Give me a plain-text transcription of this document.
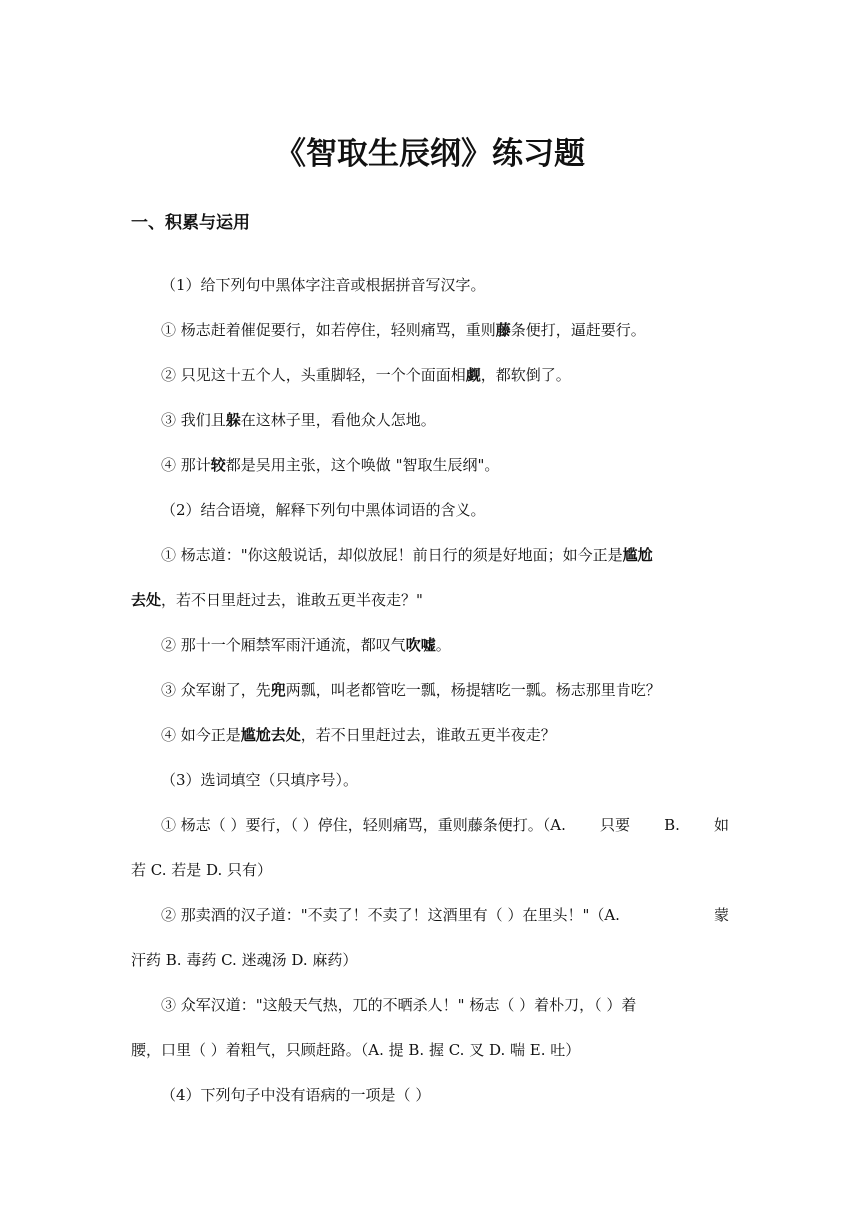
《智取生辰纲》练习题
一、积累与运用

（1）给下列句中黑体字注音或根据拼音写汉字。

① 杨志赶着催促要行，如若停住，轻则痛骂，重则藤条便打，逼赶要行。

② 只见这十五个人，头重脚轻，一个个面面相觑，都软倒了。

③ 我们且躲在这林子里，看他众人怎地。

④ 那计较都是吴用主张，这个唤做 "智取生辰纲"。

（2）结合语境，解释下列句中黑体词语的含义。

① 杨志道："你这般说话，却似放屁！前日行的须是好地面；如今正是尴尬

去处，若不日里赶过去，谁敢五更半夜走？"

② 那十一个厢禁军雨汗通流，都叹气吹嘘。

③ 众军谢了，先兜两瓢，叫老都管吃一瓢，杨提辖吃一瓢。杨志那里肯吃？

④ 如今正是尴尬去处，若不日里赶过去，谁敢五更半夜走？

（3）选词填空（只填序号）。

① 杨志（ ）要行，（ ）停住，轻则痛骂，重则藤条便打。（A. 只要 B. 如

若 C. 若是 D. 只有）

② 那卖酒的汉子道："不卖了！不卖了！这酒里有（ ）在里头！"（A.	蒙

汗药 B. 毒药 C. 迷魂汤 D. 麻药）

③ 众军汉道："这般天气热，兀的不晒杀人！" 杨志（ ）着朴刀，（ ）着

腰，口里（ ）着粗气，只顾赶路。（A. 提 B. 握 C. 叉 D. 喘 E. 吐）

（4）下列句子中没有语病的一项是（ ）
